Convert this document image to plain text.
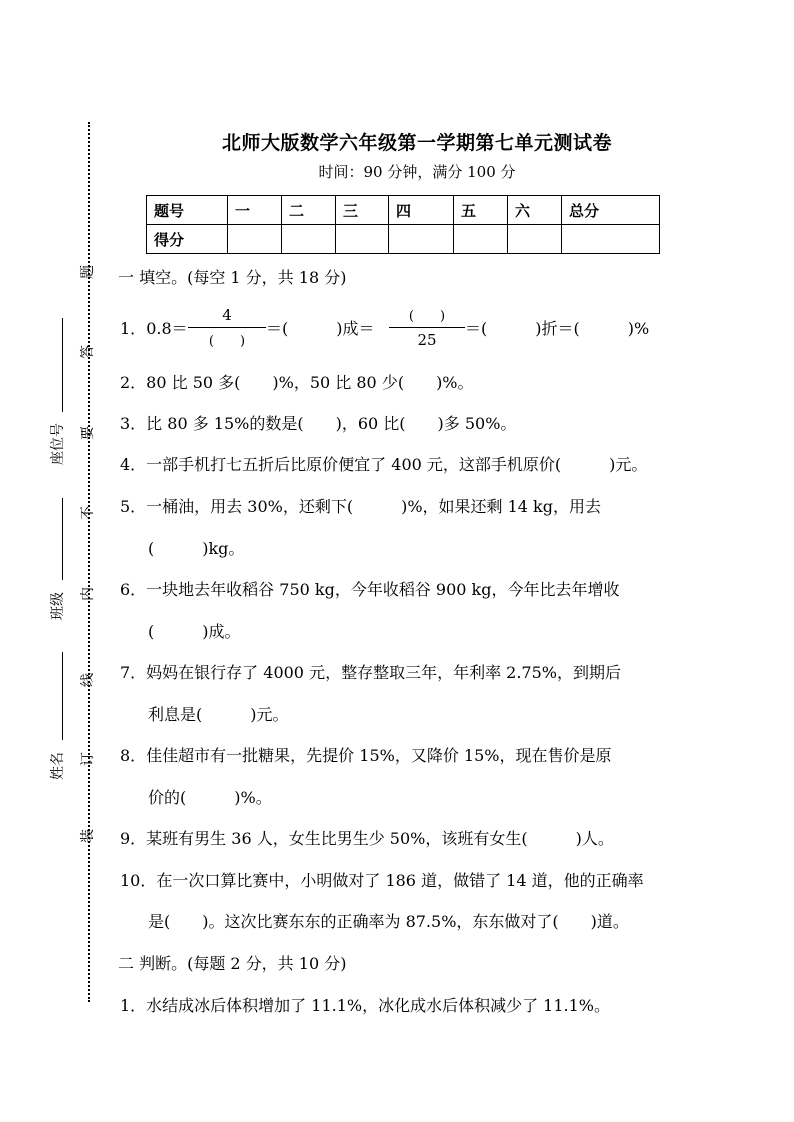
题
答
要
不
内
线
订
装
座位号
班级
姓名
北师大版数学六年级第一学期第七单元测试卷
时间：90 分钟，满分 100 分
题号	一	二	三	四	五	六	总分
得分							
一 填空。(每空 1 分，共 18 分)
1．0.8＝
4
(　　)
＝(　　　)成＝
(　　)
25
＝(　　　)折＝(　　　)%
2．80 比 50 多(　　)%，50 比 80 少(　　)%。
3．比 80 多 15%的数是(　　)，60 比(　　)多 50%。
4．一部手机打七五折后比原价便宜了 400 元，这部手机原价(　　　)元。
5．一桶油，用去 30%，还剩下(　　　)%，如果还剩 14 kg，用去
(　　　)kg。
6．一块地去年收稻谷 750 kg，今年收稻谷 900 kg，今年比去年增收
(　　　)成。
7．妈妈在银行存了 4000 元，整存整取三年，年利率 2.75%，到期后
利息是(　　　)元。
8．佳佳超市有一批糖果，先提价 15%，又降价 15%，现在售价是原
价的(　　　)%。
9．某班有男生 36 人，女生比男生少 50%，该班有女生(　　　)人。
10．在一次口算比赛中，小明做对了 186 道，做错了 14 道，他的正确率
是(　　)。这次比赛东东的正确率为 87.5%，东东做对了(　　)道。
二 判断。(每题 2 分，共 10 分)
1．水结成冰后体积增加了 11.1%，冰化成水后体积减少了 11.1%。
